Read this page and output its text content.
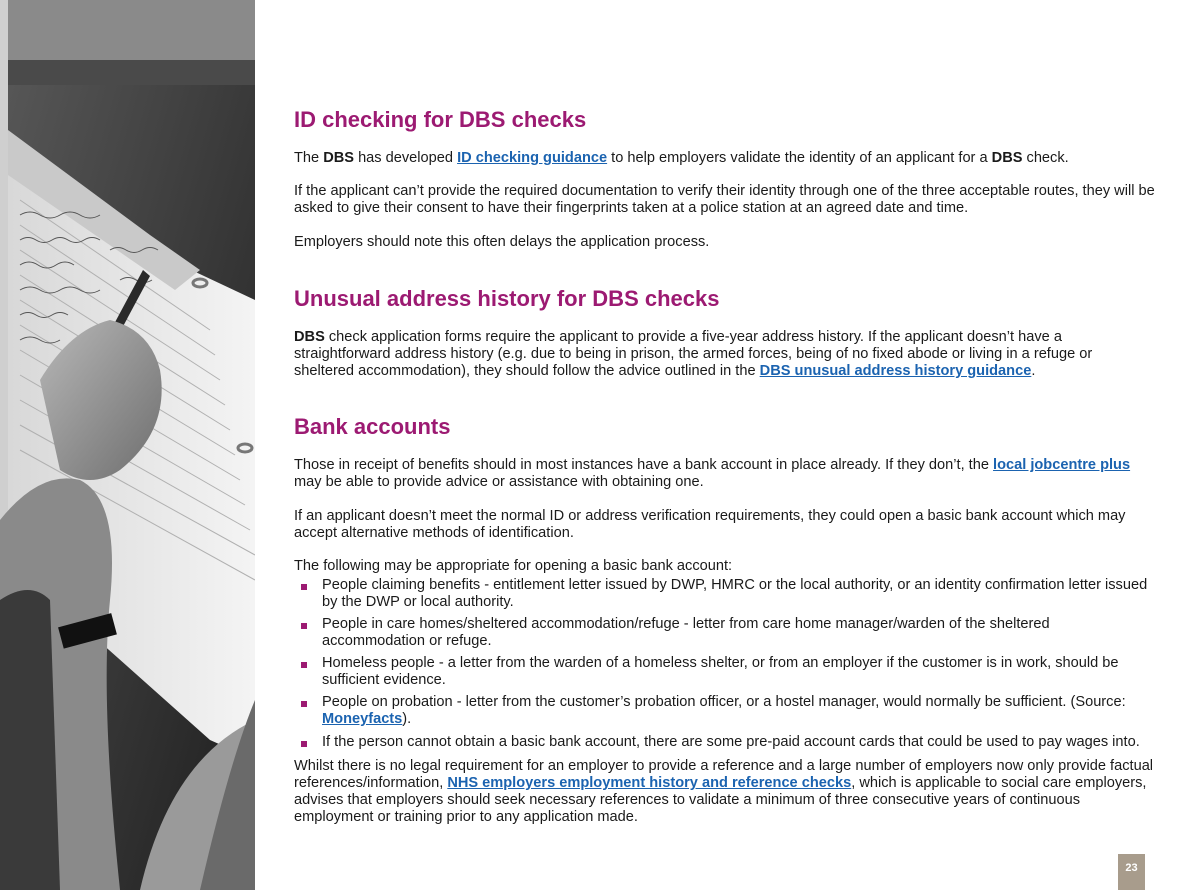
ID checking for DBS checks

The DBS has developed ID checking guidance to help employers validate the identity of an applicant for a DBS check.

If the applicant can’t provide the required documentation to verify their identity through one of the three acceptable routes, they will be asked to give their consent to have their fingerprints taken at a police station at an agreed date and time.

Employers should note this often delays the application process.

Unusual address history for DBS checks

DBS check application forms require the applicant to provide a five-year address history. If the applicant doesn’t have a straightforward address history (e.g. due to being in prison, the armed forces, being of no fixed abode or living in a refuge or sheltered accommodation), they should follow the advice outlined in the DBS unusual address history guidance.

Bank accounts

Those in receipt of benefits should in most instances have a bank account in place already. If they don’t, the local jobcentre plus may be able to provide advice or assistance with obtaining one.

If an applicant doesn’t meet the normal ID or address verification requirements, they could open a basic bank account which may accept alternative methods of identification.

The following may be appropriate for opening a basic bank account:

People claiming benefits - entitlement letter issued by DWP, HMRC or the local authority, or an identity confirmation letter issued by the DWP or local authority.
People in care homes/sheltered accommodation/refuge - letter from care home manager/warden of the sheltered accommodation or refuge.
Homeless people - a letter from the warden of a homeless shelter, or from an employer if the customer is in work, should be sufficient evidence.
People on probation - letter from the customer’s probation officer, or a hostel manager, would normally be sufficient. (Source: Moneyfacts).
If the person cannot obtain a basic bank account, there are some pre-paid account cards that could be used to pay wages into.

Whilst there is no legal requirement for an employer to provide a reference and a large number of employers now only provide factual references/information, NHS employers employment history and reference checks, which is applicable to social care employers, advises that employers should seek necessary references to validate a minimum of three consecutive years of continuous employment or training prior to any application made.

23
